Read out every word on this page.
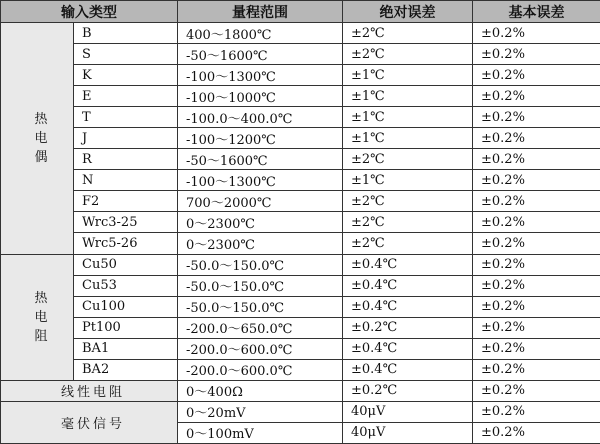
输入类型		量程范围	绝对误差	基本误差
热电偶	B	400～1800℃	±2℃	±0.2%
	S	-50～1600℃	±2℃	±0.2%
	K	-100～1300℃	±1℃	±0.2%
	E	-100～1000℃	±1℃	±0.2%
	T	-100.0～400.0℃	±1℃	±0.2%
	J	-100～1200℃	±1℃	±0.2%
	R	-50～1600℃	±2℃	±0.2%
	N	-100～1300℃	±1℃	±0.2%
	F2	700～2000℃	±2℃	±0.2%
	Wrc3-25	0～2300℃	±2℃	±0.2%
	Wrc5-26	0～2300℃	±2℃	±0.2%
热电阻	Cu50	-50.0～150.0℃	±0.4℃	±0.2%
	Cu53	-50.0～150.0℃	±0.4℃	±0.2%
	Cu100	-50.0～150.0℃	±0.4℃	±0.2%
	Pt100	-200.0～650.0℃	±0.2℃	±0.2%
	BA1	-200.0～600.0℃	±0.4℃	±0.2%
	BA2	-200.0～600.0℃	±0.4℃	±0.2%
线性电阻		0～400Ω	±0.2℃	±0.2%
毫伏信号		0～20mV	40μV	±0.2%
		0～100mV	40μV	±0.2%
